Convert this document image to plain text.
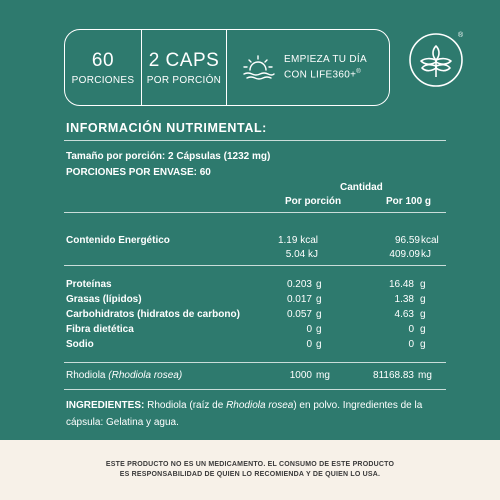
60
PORCIONES
2 CAPS
POR PORCIÓN
EMPIEZA TU DÍA
CON LIFE360+®
®
INFORMACIÓN NUTRIMENTAL:
Tamaño por porción: 2 Cápsulas (1232 mg)
PORCIONES POR ENVASE: 60
Cantidad
Por porción	Por 100 g
Contenido Energético	1.19 kcal	96.59 kcal
5.04 kJ	409.09 kJ
Proteínas	0.203 g	16.48 g
Grasas (lípidos)	0.017 g	1.38 g
Carbohidratos (hidratos de carbono)	0.057 g	4.63 g
Fibra dietética	0 g	0 g
Sodio	0 g	0 g
Rhodiola (Rhodiola rosea)	1000 mg	81168.83 mg
INGREDIENTES: Rhodiola (raíz de Rhodiola rosea) en polvo. Ingredientes de la cápsula: Gelatina y agua.
ESTE PRODUCTO NO ES UN MEDICAMENTO. EL CONSUMO DE ESTE PRODUCTO
ES RESPONSABILIDAD DE QUIEN LO RECOMIENDA Y DE QUIEN LO USA.
